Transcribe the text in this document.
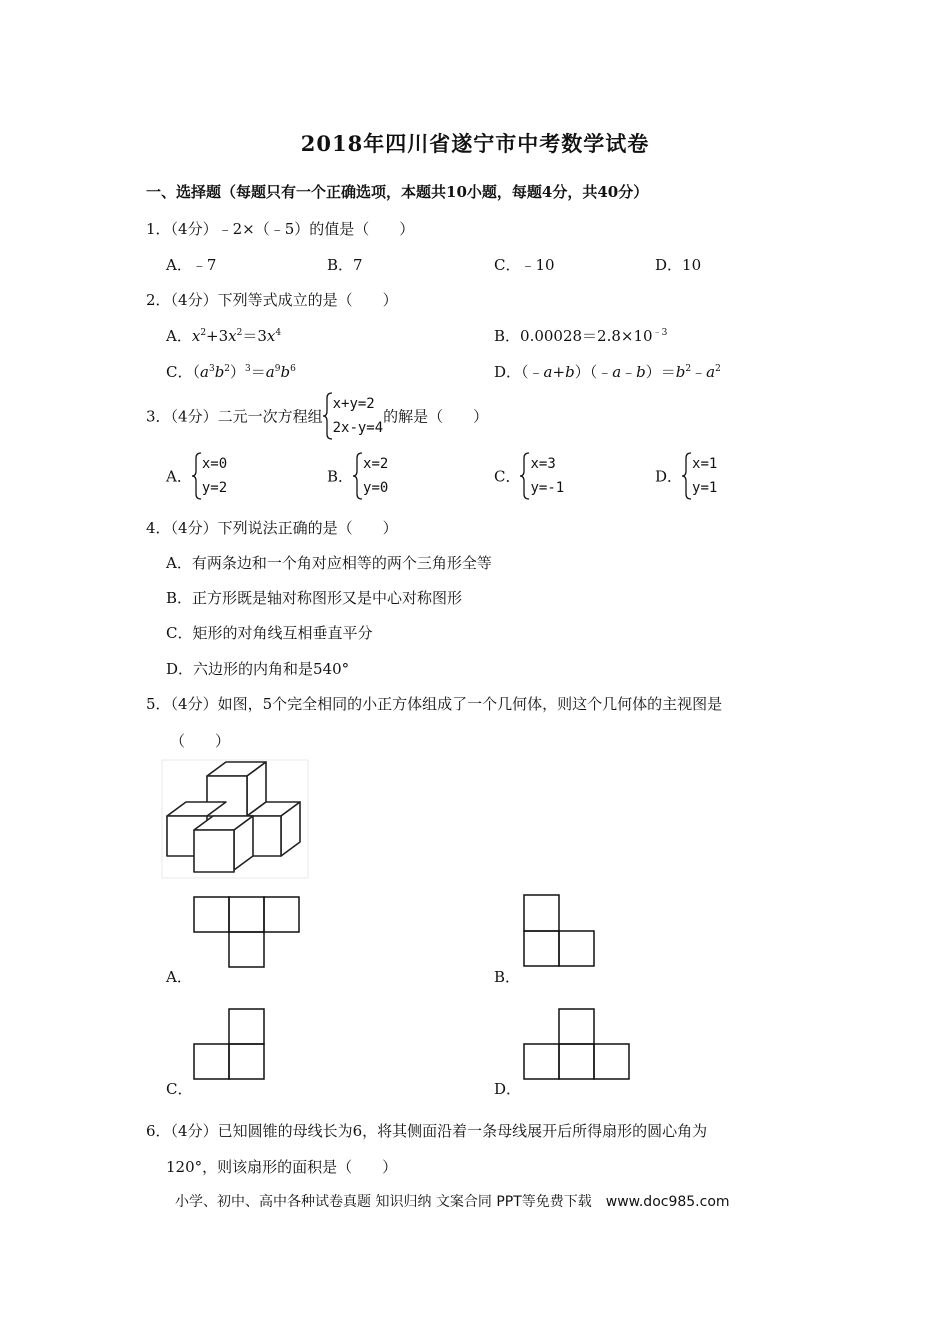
2018年四川省遂宁市中考数学试卷
一、选择题（每题只有一个正确选项，本题共10小题，每题4分，共40分）
1．（4分）﹣2×（﹣5）的值是（　　）
A．﹣7	B．7	C．﹣10	D．10
2．（4分）下列等式成立的是（　　）
A．$x^2+3x^2=3x^4$	B．$0.00028=2.8\times 10^{﹣3}$
C．$(a^3b^2)^3=a^9b^6$	D．$(﹣a+b)(﹣a﹣b)=b^2﹣a^2$
3．（4分）二元一次方程组
x+y=2
2x-y=4
的解是（　　）
A．
x=0
y=2
B．
x=2
y=0
C．
x=3
y=-1
D．
x=1
y=1
4．（4分）下列说法正确的是（　　）
A．有两条边和一个角对应相等的两个三角形全等
B．正方形既是轴对称图形又是中心对称图形
C．矩形的对角线互相垂直平分
D．六边形的内角和是540°
5．（4分）如图，5个完全相同的小正方体组成了一个几何体，则这个几何体的主视图是
（　　）
A．	B．
C．	D．
6．（4分）已知圆锥的母线长为6，将其侧面沿着一条母线展开后所得扇形的圆心角为
120°，则该扇形的面积是（　　）
小学、初中、高中各种试卷真题 知识归纳 文案合同 PPT等免费下载　www.doc985.com
